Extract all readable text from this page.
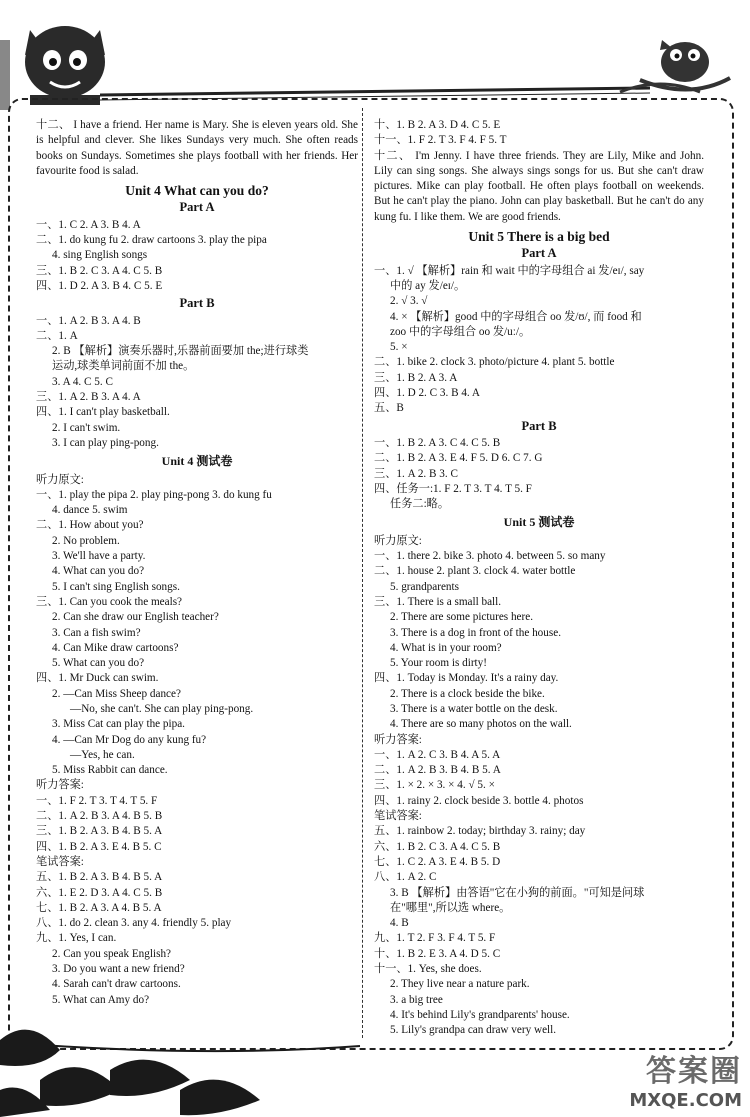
十二、 I have a friend. Her name is Mary. She is eleven years old. She is helpful and clever. She likes Sundays very much. She often reads books on Sundays. Sometimes she plays football with her friends. Her favourite food is salad.
Unit 4 What can you do?
Part A
一、1. C 2. A 3. B 4. A
二、1. do kung fu 2. draw cartoons 3. play the pipa
4. sing English songs
三、1. B 2. C 3. A 4. C 5. B
四、1. D 2. A 3. B 4. C 5. E
Part B
一、1. A 2. B 3. A 4. B
二、1. A
2. B 【解析】演奏乐器时,乐器前面要加 the;进行球类
运动,球类单词前面不加 the。
3. A 4. C 5. C
三、1. A 2. B 3. A 4. A
四、1. I can't play basketball.
2. I can't swim.
3. I can play ping-pong.
Unit 4 测试卷
听力原文:
一、1. play the pipa 2. play ping-pong 3. do kung fu
4. dance 5. swim
二、1. How about you?
2. No problem.
3. We'll have a party.
4. What can you do?
5. I can't sing English songs.
三、1. Can you cook the meals?
2. Can she draw our English teacher?
3. Can a fish swim?
4. Can Mike draw cartoons?
5. What can you do?
四、1. Mr Duck can swim.
2. —Can Miss Sheep dance?
—No, she can't. She can play ping-pong.
3. Miss Cat can play the pipa.
4. —Can Mr Dog do any kung fu?
—Yes, he can.
5. Miss Rabbit can dance.
听力答案:
一、1. F 2. T 3. T 4. T 5. F
二、1. A 2. B 3. A 4. B 5. B
三、1. B 2. A 3. B 4. B 5. A
四、1. B 2. A 3. E 4. B 5. C
笔试答案:
五、1. B 2. A 3. B 4. B 5. A
六、1. E 2. D 3. A 4. C 5. B
七、1. B 2. A 3. A 4. B 5. A
八、1. do 2. clean 3. any 4. friendly 5. play
九、1. Yes, I can.
2. Can you speak English?
3. Do you want a new friend?
4. Sarah can't draw cartoons.
5. What can Amy do?
十、1. B 2. A 3. D 4. C 5. E
十一、1. F 2. T 3. F 4. F 5. T
十二、 I'm Jenny. I have three friends. They are Lily, Mike and John. Lily can sing songs. She always sings songs for us. But she can't draw pictures. Mike can play football. He often plays football on weekends. But he can't play the piano. John can play basketball. But he can't do any kung fu. I like them. We are good friends.
Unit 5 There is a big bed
Part A
一、1. √ 【解析】rain 和 wait 中的字母组合 ai 发/eɪ/, say
中的 ay 发/eɪ/。
2. √ 3. √
4. × 【解析】good 中的字母组合 oo 发/ʊ/, 而 food 和
zoo 中的字母组合 oo 发/uː/。
5. ×
二、1. bike 2. clock 3. photo/picture 4. plant 5. bottle
三、1. B 2. A 3. A
四、1. D 2. C 3. B 4. A
五、B
Part B
一、1. B 2. A 3. C 4. C 5. B
二、1. B 2. A 3. E 4. F 5. D 6. C 7. G
三、1. A 2. B 3. C
四、任务一:1. F 2. T 3. T 4. T 5. F
任务二:略。
Unit 5 测试卷
听力原文:
一、1. there 2. bike 3. photo 4. between 5. so many
二、1. house 2. plant 3. clock 4. water bottle
5. grandparents
三、1. There is a small ball.
2. There are some pictures here.
3. There is a dog in front of the house.
4. What is in your room?
5. Your room is dirty!
四、1. Today is Monday. It's a rainy day.
2. There is a clock beside the bike.
3. There is a water bottle on the desk.
4. There are so many photos on the wall.
听力答案:
一、1. A 2. C 3. B 4. A 5. A
二、1. A 2. B 3. B 4. B 5. A
三、1. × 2. × 3. × 4. √ 5. ×
四、1. rainy 2. clock beside 3. bottle 4. photos
笔试答案:
五、1. rainbow 2. today; birthday 3. rainy; day
六、1. B 2. C 3. A 4. C 5. B
七、1. C 2. A 3. E 4. B 5. D
八、1. A 2. C
3. B 【解析】由答语"它在小狗的前面。"可知是问球
在"哪里",所以选 where。
4. B
九、1. T 2. F 3. F 4. T 5. F
十、1. B 2. E 3. A 4. D 5. C
十一、1. Yes, she does.
2. They live near a nature park.
3. a big tree
4. It's behind Lily's grandparents' house.
5. Lily's grandpa can draw very well.
答案圈
MXQE.COM
